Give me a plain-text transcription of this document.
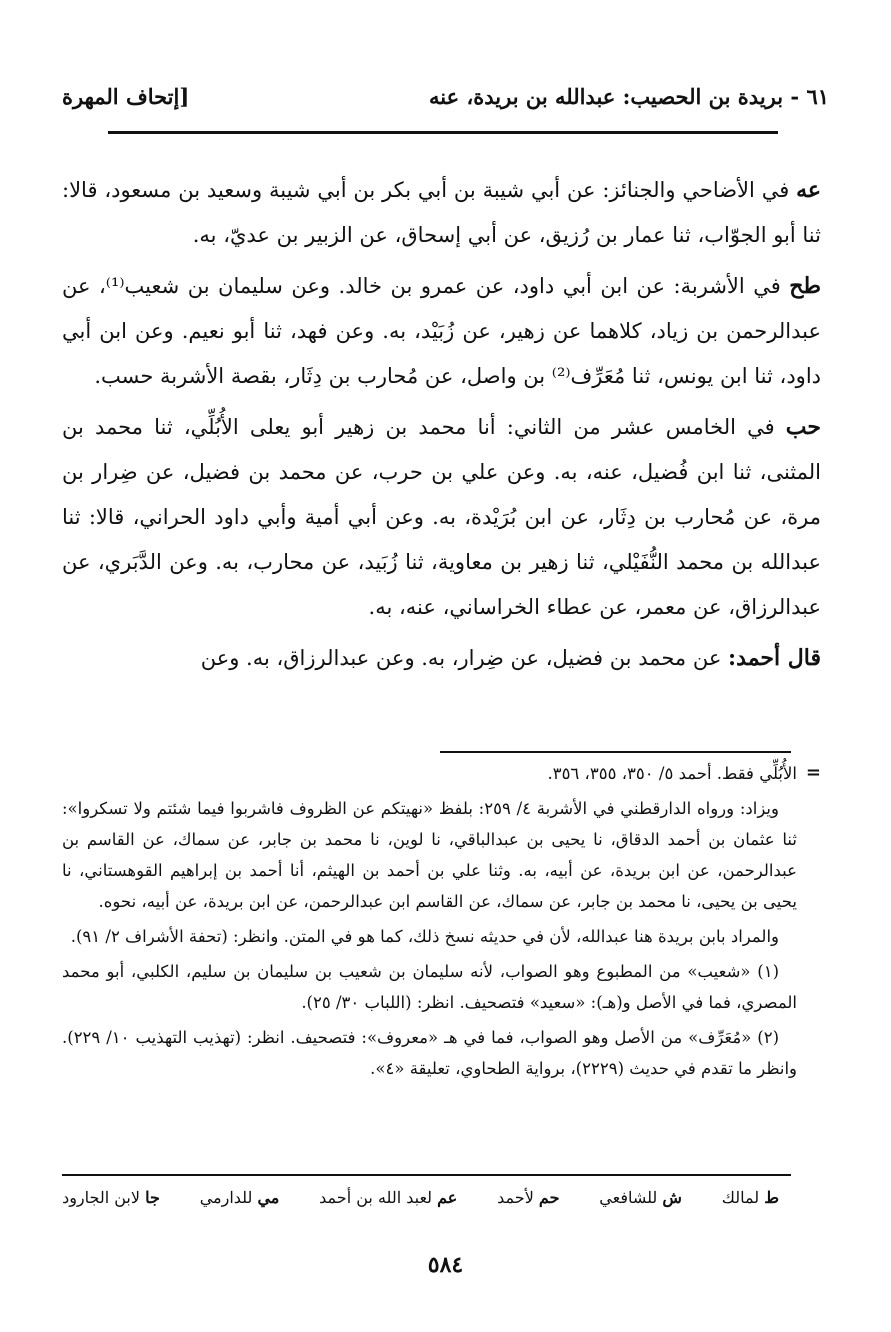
٦١ - بريدة بن الحصيب: عبدالله بن بريدة، عنه
[إتحاف المهرة

عه في الأضاحي والجنائز: عن أبي شيبة بن أبي بكر بن أبي شيبة وسعيد بن مسعود، قالا: ثنا أبو الجوّاب، ثنا عمار بن رُزيق، عن أبي إسحاق، عن الزبير بن عديّ، به.

طح في الأشربة: عن ابن أبي داود، عن عمرو بن خالد. وعن سليمان بن شعيب⁽¹⁾، عن عبدالرحمن بن زياد، كلاهما عن زهير، عن زُبَيْد، به. وعن فهد، ثنا أبو نعيم. وعن ابن أبي داود، ثنا ابن يونس، ثنا مُعَرِّف⁽²⁾ بن واصل، عن مُحارب بن دِثَار، بقصة الأشربة حسب.

حب في الخامس عشر من الثاني: أنا محمد بن زهير أبو يعلى الأُبُلِّي، ثنا محمد بن المثنى، ثنا ابن فُضيل، عنه، به. وعن علي بن حرب، عن محمد بن فضيل، عن ضِرار بن مرة، عن مُحارب بن دِثَار، عن ابن بُرَيْدة، به. وعن أبي أمية وأبي داود الحراني، قالا: ثنا عبدالله بن محمد النُّفَيْلي، ثنا زهير بن معاوية، ثنا زُبَيد، عن محارب، به. وعن الدَّبَري، عن عبدالرزاق، عن معمر، عن عطاء الخراساني، عنه، به.

قال أحمد: عن محمد بن فضيل، عن ضِرار، به. وعن عبدالرزاق، به. وعن

=

الأُبُلِّي فقط. أحمد ٥/ ٣٥٠، ٣٥٥، ٣٥٦.

ويزاد: ورواه الدارقطني في الأشربة ٤/ ٢٥٩: بلفظ «نهيتكم عن الظروف فاشربوا فيما شئتم ولا تسكروا»: ثنا عثمان بن أحمد الدقاق، نا يحيى بن عبدالباقي، نا لوين، نا محمد بن جابر، عن سماك، عن القاسم بن عبدالرحمن، عن ابن بريدة، عن أبيه، به. وثنا علي بن أحمد بن الهيثم، أنا أحمد بن إبراهيم القوهستاني، نا يحيى بن يحيى، نا محمد بن جابر، عن سماك، عن القاسم ابن عبدالرحمن، عن ابن بريدة، عن أبيه، نحوه.

والمراد بابن بريدة هنا عبدالله، لأن في حديثه نسخ ذلك، كما هو في المتن. وانظر: (تحفة الأشراف ٢/ ٩١).

(١) «شعيب» من المطبوع وهو الصواب، لأنه سليمان بن شعيب بن سليمان بن سليم، الكلبي، أبو محمد المصري، فما في الأصل و(هـ): «سعيد» فتصحيف. انظر: (اللباب ٣٠/ ٢٥).

(٢) «مُعَرِّف» من الأصل وهو الصواب، فما في هـ «معروف»: فتصحيف. انظر: (تهذيب التهذيب ١٠/ ٢٢٩). وانظر ما تقدم في حديث (٢٢٢٩)، برواية الطحاوي، تعليقة «٤».

ط لمالك
ش للشافعي
حم لأحمد
عم لعبد الله بن أحمد
مي للدارمي
جا لابن الجارود
٥٨٤
